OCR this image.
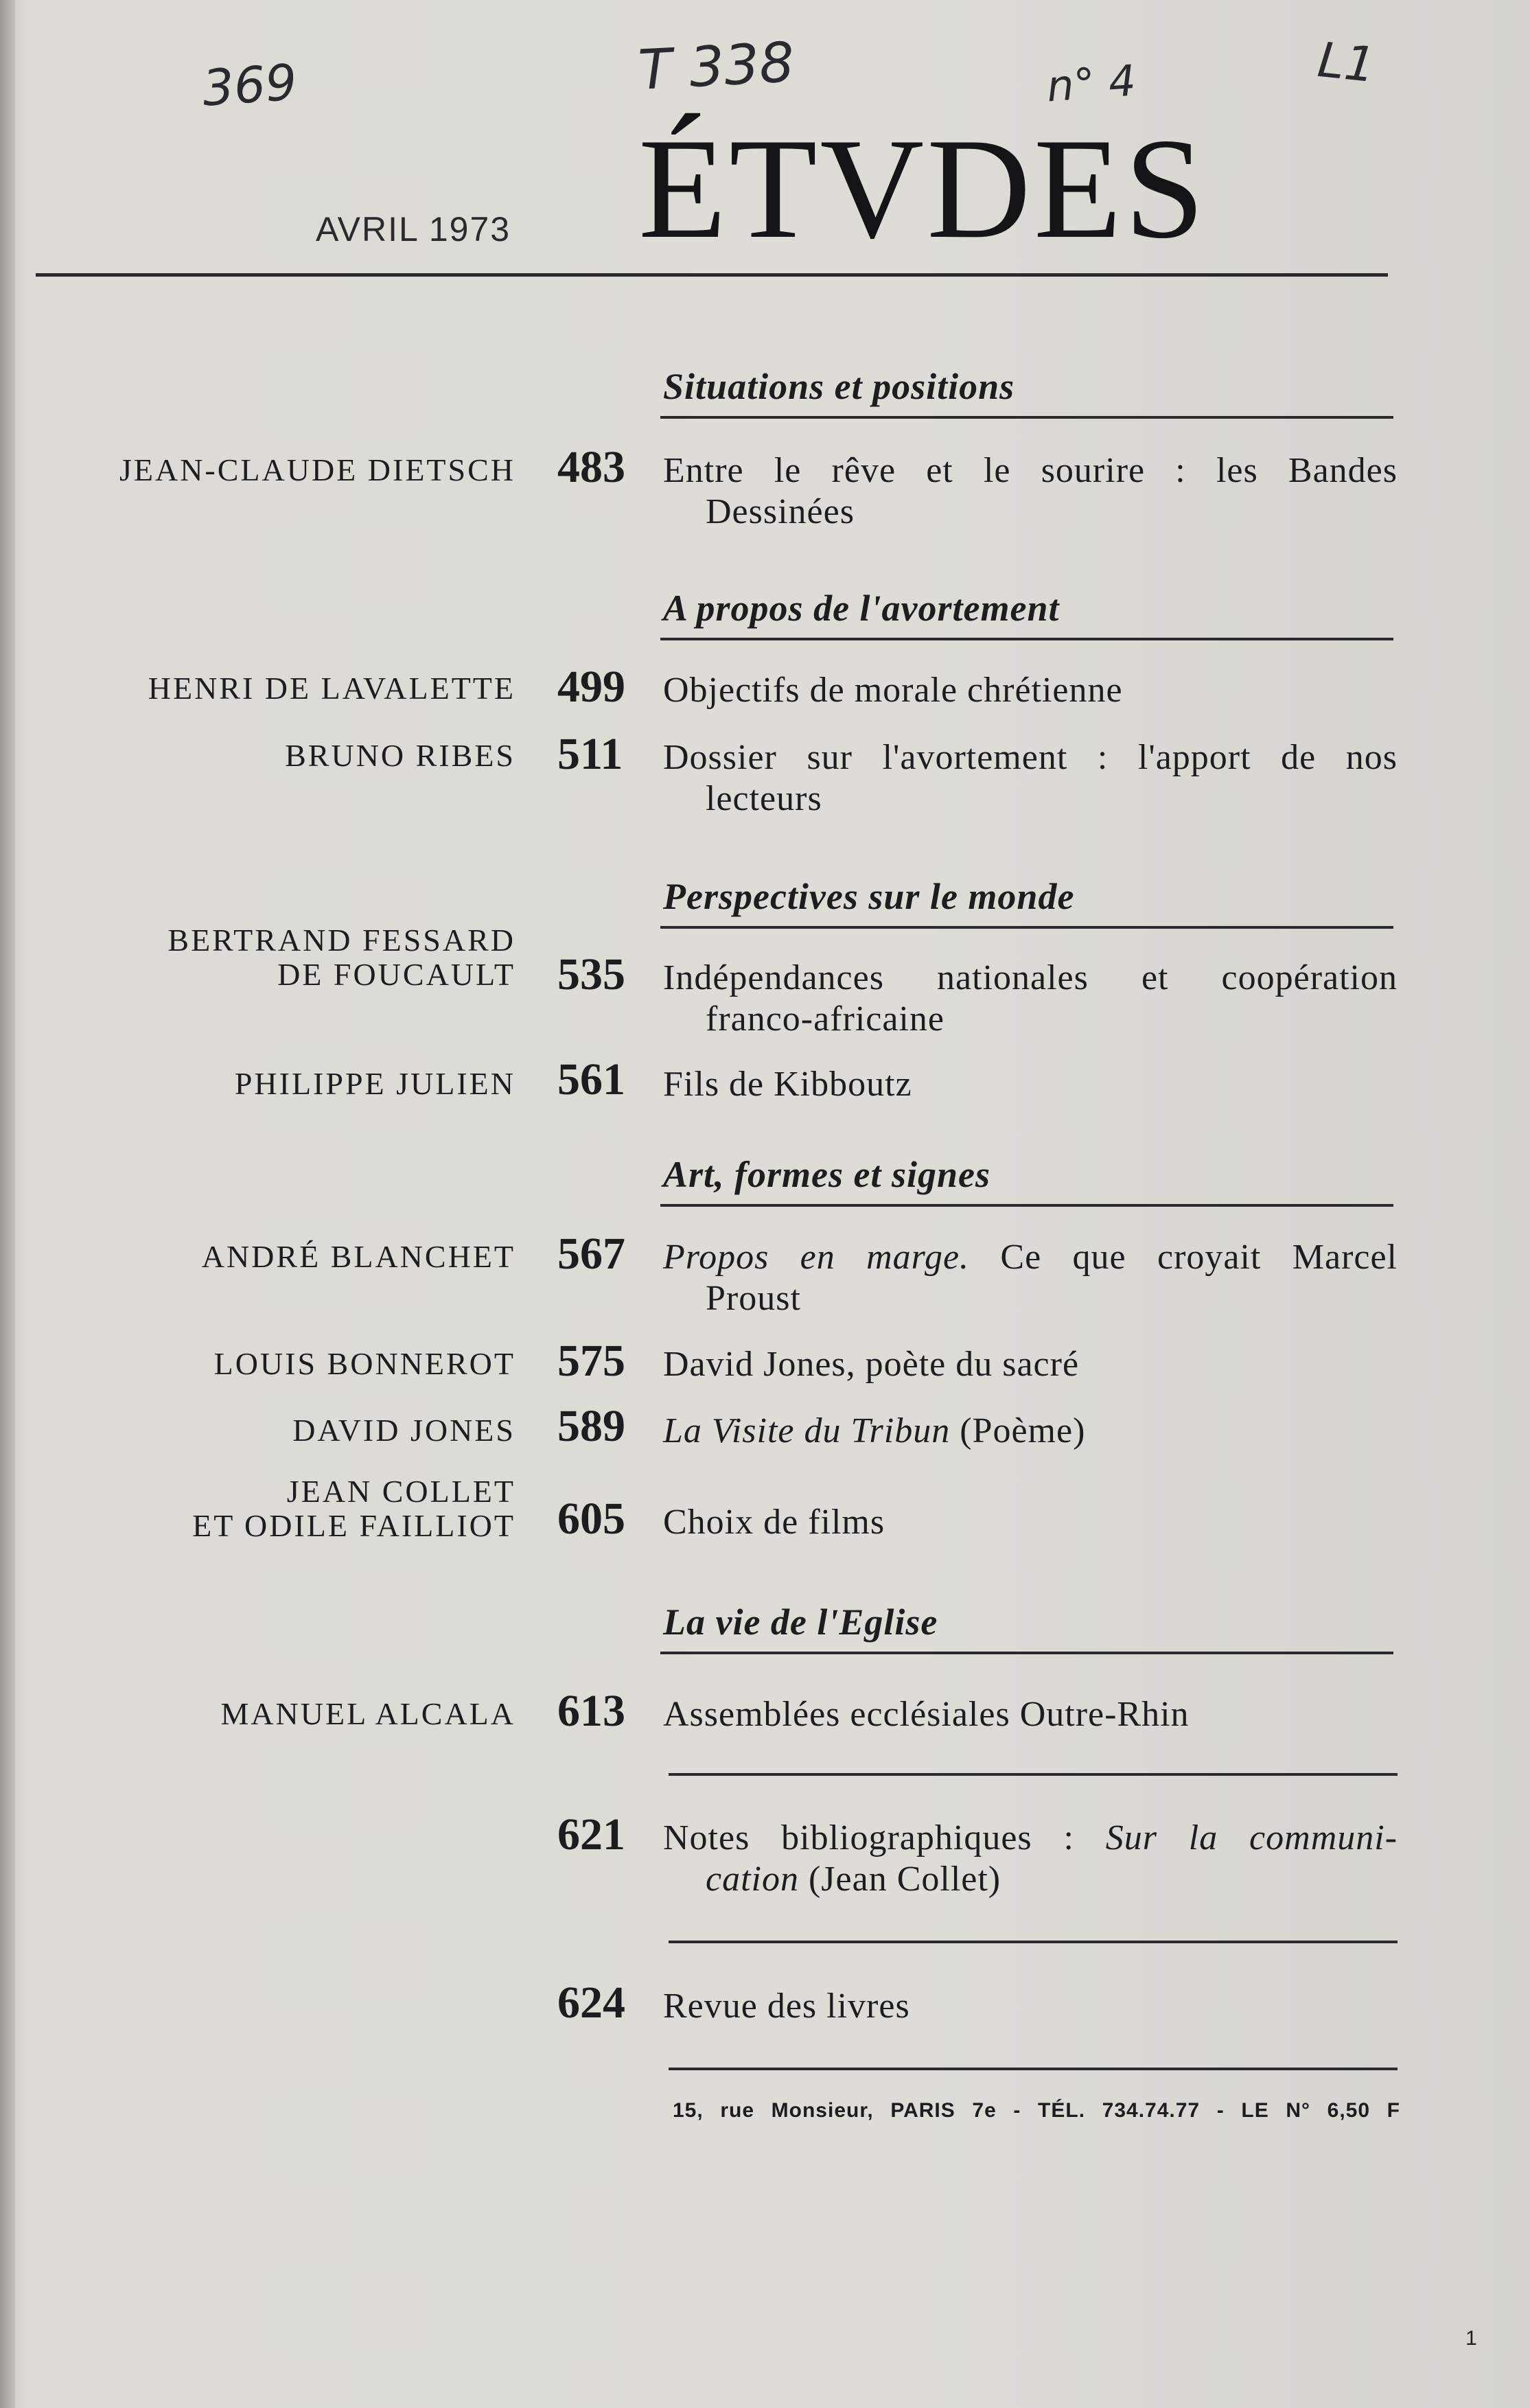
369	T 338	n° 4	L1
AVRIL 1973 ÉTVDES
Situations et positions
JEAN-CLAUDE DIETSCH 483 Entre le rêve et le sourire : les Bandes
Dessinées
A propos de l'avortement
HENRI DE LAVALETTE 499 Objectifs de morale chrétienne
BRUNO RIBES 511 Dossier sur l'avortement : l'apport de nos
lecteurs
Perspectives sur le monde
BERTRAND FESSARD
DE FOUCAULT 535 Indépendances nationales et coopération
franco-africaine
PHILIPPE JULIEN 561 Fils de Kibboutz
Art, formes et signes
ANDRÉ BLANCHET 567 Propos en marge. Ce que croyait Marcel
Proust
LOUIS BONNEROT 575 David Jones, poète du sacré
DAVID JONES 589 La Visite du Tribun (Poème)
JEAN COLLET
ET ODILE FAILLIOT 605 Choix de films
La vie de l'Eglise
MANUEL ALCALA 613 Assemblées ecclésiales Outre-Rhin
621 Notes bibliographiques : Sur la communi-
cation (Jean Collet)
624 Revue des livres
15, rue Monsieur, PARIS 7e - TÉL. 734.74.77 - LE N° 6,50 F
1
